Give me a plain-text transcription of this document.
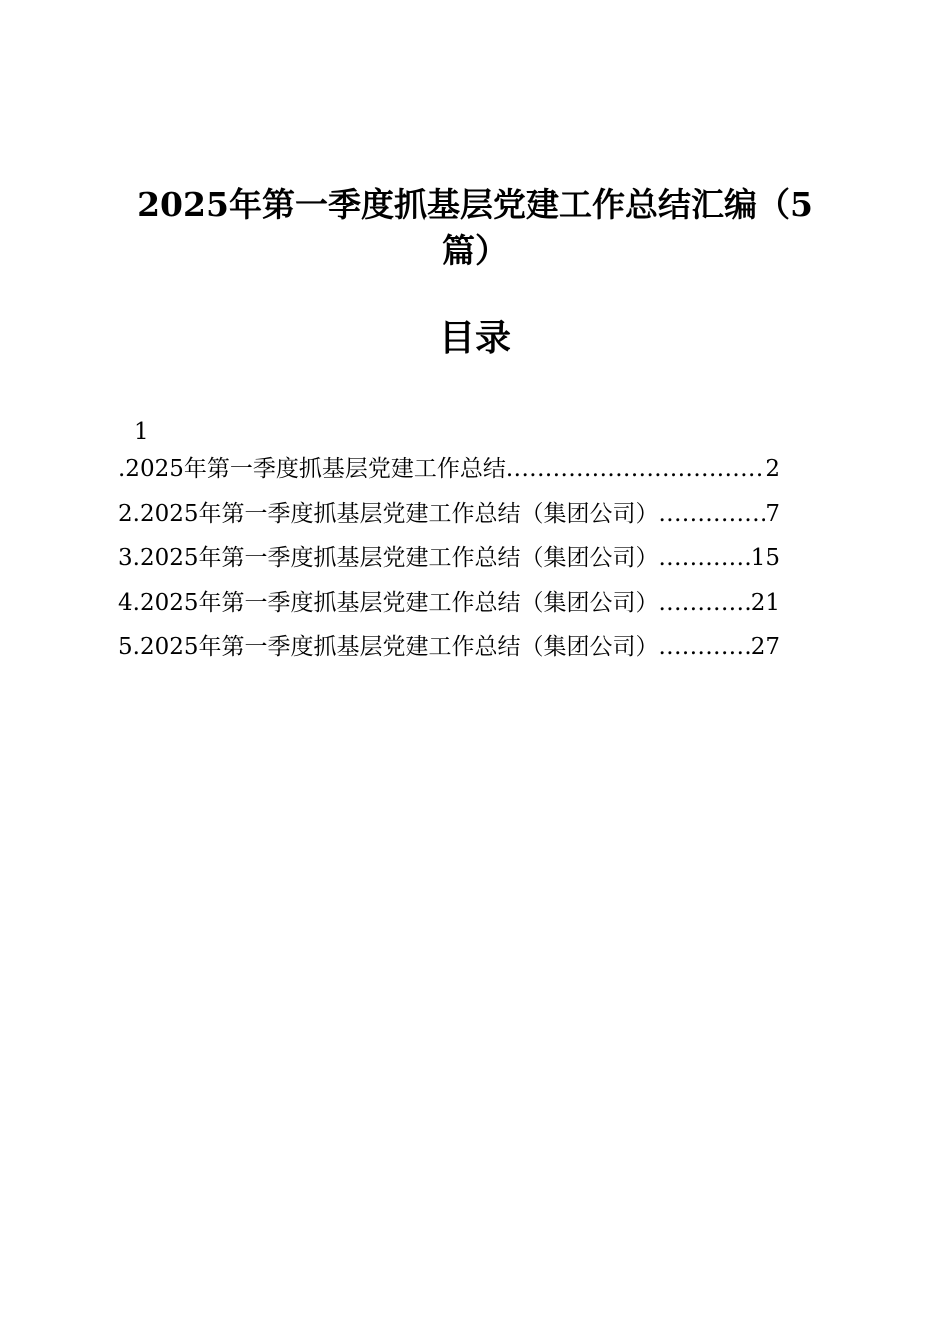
2025年第一季度抓基层党建工作总结汇编（5
篇）
目录
1
.2025年第一季度抓基层党建工作总结 .....	2
2.2025年第一季度抓基层党建工作总结（集团公司） .....	7
3.2025年第一季度抓基层党建工作总结（集团公司） .....	15
4.2025年第一季度抓基层党建工作总结（集团公司） .....	21
5.2025年第一季度抓基层党建工作总结（集团公司） .....	27
